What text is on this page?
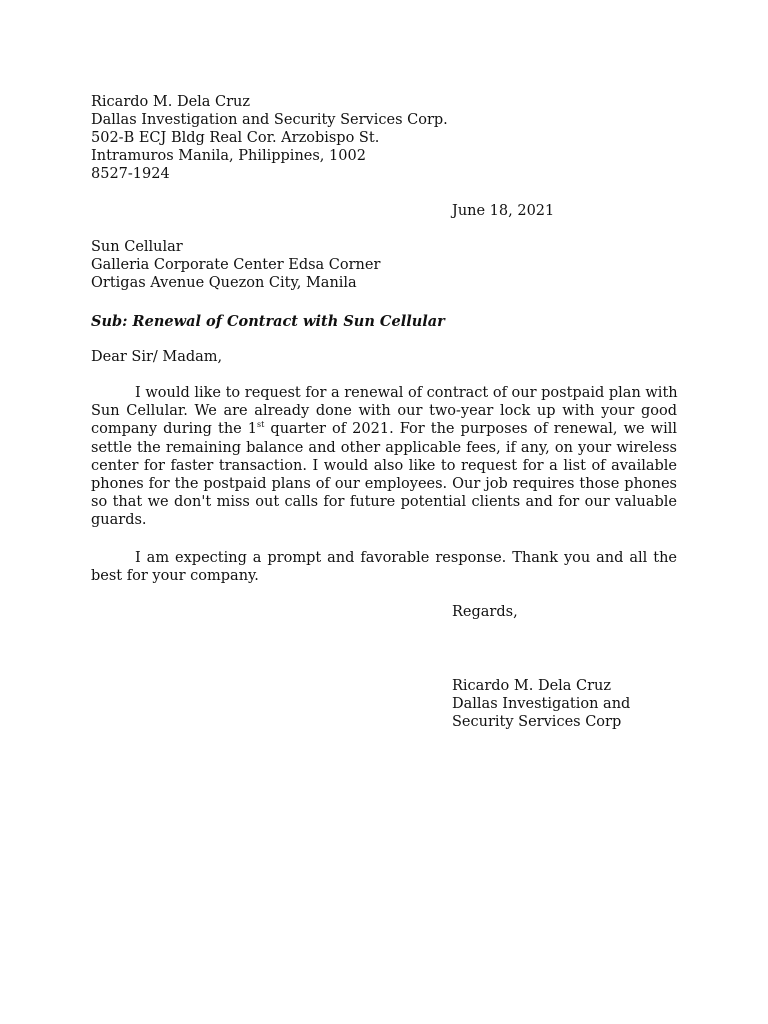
Ricardo M. Dela Cruz
Dallas Investigation and Security Services Corp.
502-B ECJ Bldg Real Cor. Arzobispo St.
Intramuros Manila, Philippines, 1002
8527-1924
June 18, 2021
Sun Cellular
Galleria Corporate Center Edsa Corner
Ortigas Avenue Quezon City, Manila
Sub: Renewal of Contract with Sun Cellular
Dear Sir/ Madam,
I would like to request for a renewal of contract of our postpaid plan with
Sun Cellular. We are already done with our two-year lock up with your good
company during the 1st quarter of 2021. For the purposes of renewal, we will
settle the remaining balance and other applicable fees, if any, on your wireless
center for faster transaction. I would also like to request for a list of available
phones for the postpaid plans of our employees. Our job requires those phones
so that we don't miss out calls for future potential clients and for our valuable
guards.
I am expecting a prompt and favorable response. Thank you and all the
best for your company.
Regards,
Ricardo M. Dela Cruz
Dallas Investigation and
Security Services Corp
